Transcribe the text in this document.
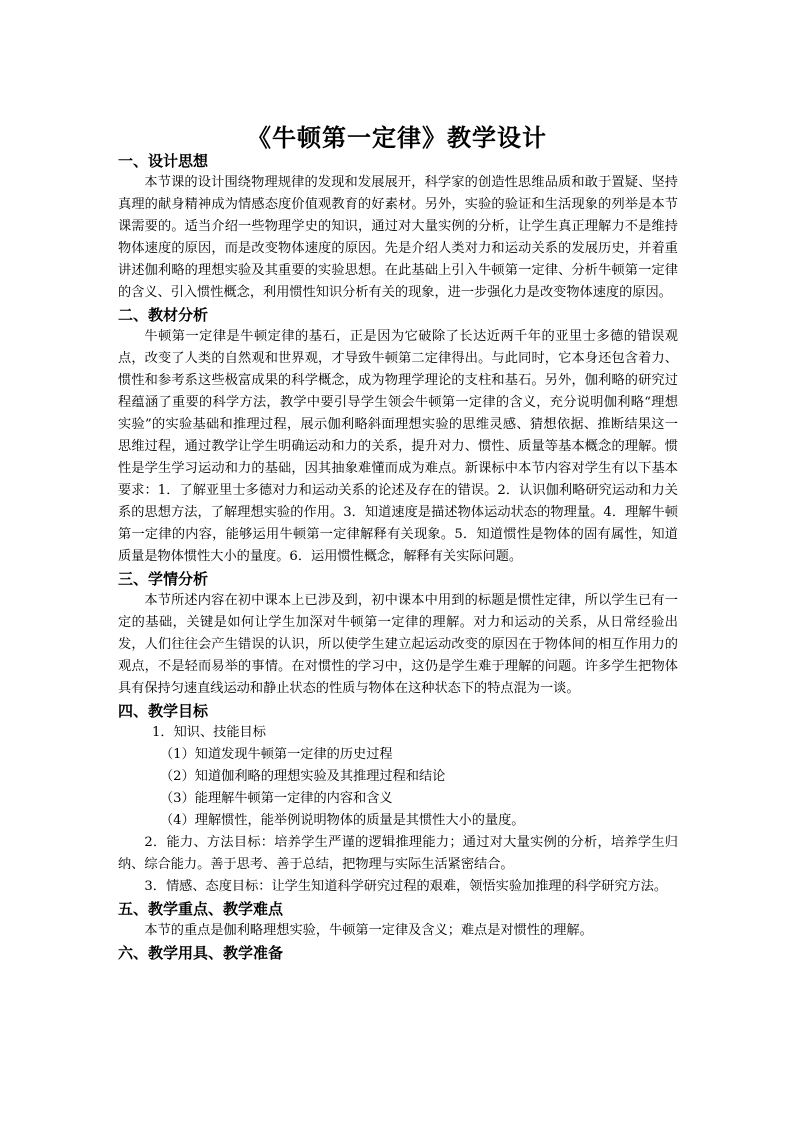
《牛顿第一定律》教学设计

一、设计思想

本节课的设计围绕物理规律的发现和发展展开，科学家的创造性思维品质和敢于置疑、坚持真理的献身精神成为情感态度价值观教育的好素材。另外，实验的验证和生活现象的列举是本节课需要的。适当介绍一些物理学史的知识，通过对大量实例的分析，让学生真正理解力不是维持物体速度的原因，而是改变物体速度的原因。先是介绍人类对力和运动关系的发展历史，并着重讲述伽利略的理想实验及其重要的实验思想。在此基础上引入牛顿第一定律、分析牛顿第一定律的含义、引入惯性概念，利用惯性知识分析有关的现象，进一步强化力是改变物体速度的原因。

二、教材分析

牛顿第一定律是牛顿定律的基石，正是因为它破除了长达近两千年的亚里士多德的错误观点，改变了人类的自然观和世界观，才导致牛顿第二定律得出。与此同时，它本身还包含着力、惯性和参考系这些极富成果的科学概念，成为物理学理论的支柱和基石。另外，伽利略的研究过程蕴涵了重要的科学方法，教学中要引导学生领会牛顿第一定律的含义，充分说明伽利略“理想实验”的实验基础和推理过程，展示伽利略斜面理想实验的思维灵感、猜想依据、推断结果这一思维过程，通过教学让学生明确运动和力的关系，提升对力、惯性、质量等基本概念的理解。惯性是学生学习运动和力的基础，因其抽象难懂而成为难点。新课标中本节内容对学生有以下基本要求：1．了解亚里士多德对力和运动关系的论述及存在的错误。2．认识伽利略研究运动和力关系的思想方法，了解理想实验的作用。3．知道速度是描述物体运动状态的物理量。4．理解牛顿第一定律的内容，能够运用牛顿第一定律解释有关现象。5．知道惯性是物体的固有属性，知道质量是物体惯性大小的量度。6．运用惯性概念，解释有关实际问题。

三、学情分析

本节所述内容在初中课本上已涉及到，初中课本中用到的标题是惯性定律，所以学生已有一定的基础，关键是如何让学生加深对牛顿第一定律的理解。对力和运动的关系，从日常经验出发，人们往往会产生错误的认识，所以使学生建立起运动改变的原因在于物体间的相互作用力的观点，不是轻而易举的事情。在对惯性的学习中，这仍是学生难于理解的问题。许多学生把物体具有保持匀速直线运动和静止状态的性质与物体在这种状态下的特点混为一谈。

四、教学目标

1．知识、技能目标

（1）知道发现牛顿第一定律的历史过程

（2）知道伽利略的理想实验及其推理过程和结论

（3）能理解牛顿第一定律的内容和含义

（4）理解惯性，能举例说明物体的质量是其惯性大小的量度。

2．能力、方法目标：培养学生严谨的逻辑推理能力；通过对大量实例的分析，培养学生归纳、综合能力。善于思考、善于总结，把物理与实际生活紧密结合。

3．情感、态度目标：让学生知道科学研究过程的艰难，领悟实验加推理的科学研究方法。

五、教学重点、教学难点

本节的重点是伽利略理想实验，牛顿第一定律及含义；难点是对惯性的理解。

六、教学用具、教学准备
